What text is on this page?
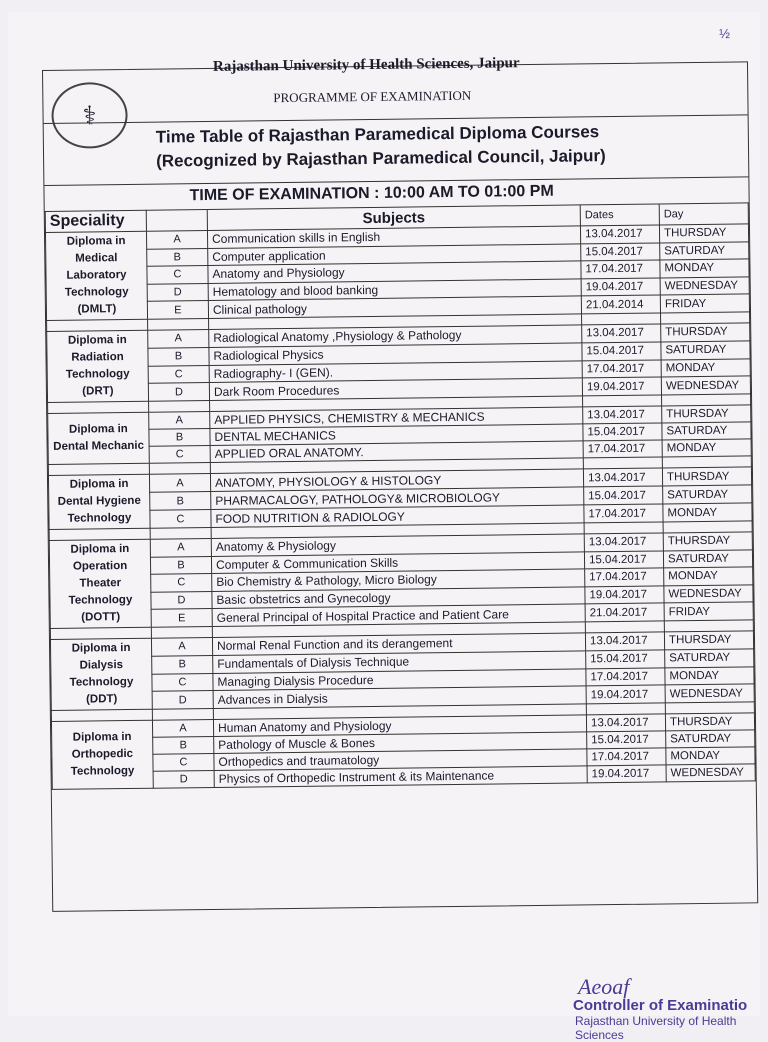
½
⚕
Rajasthan University of Health Sciences, Jaipur
PROGRAMME OF EXAMINATION
Time Table of Rajasthan Paramedical Diploma Courses
(Recognized by Rajasthan Paramedical Council, Jaipur)
TIME OF EXAMINATION : 10:00 AM TO 01:00 PM
Speciality		Subjects	Dates	Day
Diploma in Medical Laboratory Technology (DMLT)	A	Communication skills in English	13.04.2017	THURSDAY
	B	Computer application	15.04.2017	SATURDAY
	C	Anatomy and Physiology	17.04.2017	MONDAY
	D	Hematology and blood banking	19.04.2017	WEDNESDAY
	E	Clinical pathology	21.04.2014	FRIDAY

Diploma in Radiation Technology (DRT)	A	Radiological Anatomy ,Physiology & Pathology	13.04.2017	THURSDAY
	B	Radiological Physics	15.04.2017	SATURDAY
	C	Radiography- I (GEN).	17.04.2017	MONDAY
	D	Dark Room Procedures	19.04.2017	WEDNESDAY

Diploma in Dental Mechanic	A	APPLIED PHYSICS, CHEMISTRY & MECHANICS	13.04.2017	THURSDAY
	B	DENTAL MECHANICS	15.04.2017	SATURDAY
	C	APPLIED ORAL ANATOMY.	17.04.2017	MONDAY

Diploma in Dental Hygiene Technology	A	ANATOMY, PHYSIOLOGY & HISTOLOGY	13.04.2017	THURSDAY
	B	PHARMACALOGY, PATHOLOGY& MICROBIOLOGY	15.04.2017	SATURDAY
	C	FOOD NUTRITION & RADIOLOGY	17.04.2017	MONDAY

Diploma in Operation Theater Technology (DOTT)	A	Anatomy & Physiology	13.04.2017	THURSDAY
	B	Computer & Communication Skills	15.04.2017	SATURDAY
	C	Bio Chemistry & Pathology, Micro Biology	17.04.2017	MONDAY
	D	Basic obstetrics and Gynecology	19.04.2017	WEDNESDAY
	E	General Principal of Hospital Practice and Patient Care	21.04.2017	FRIDAY

Diploma in Dialysis Technology (DDT)	A	Normal Renal Function and its derangement	13.04.2017	THURSDAY
	B	Fundamentals of Dialysis Technique	15.04.2017	SATURDAY
	C	Managing Dialysis Procedure	17.04.2017	MONDAY
	D	Advances in Dialysis	19.04.2017	WEDNESDAY

Diploma in Orthopedic Technology	A	Human Anatomy and Physiology	13.04.2017	THURSDAY
	B	Pathology of Muscle & Bones	15.04.2017	SATURDAY
	C	Orthopedics and traumatology	17.04.2017	MONDAY
	D	Physics of Orthopedic Instrument & its Maintenance	19.04.2017	WEDNESDAY
Aeoaf
Controller of Examinatio
Rajasthan University of Health Sciences
